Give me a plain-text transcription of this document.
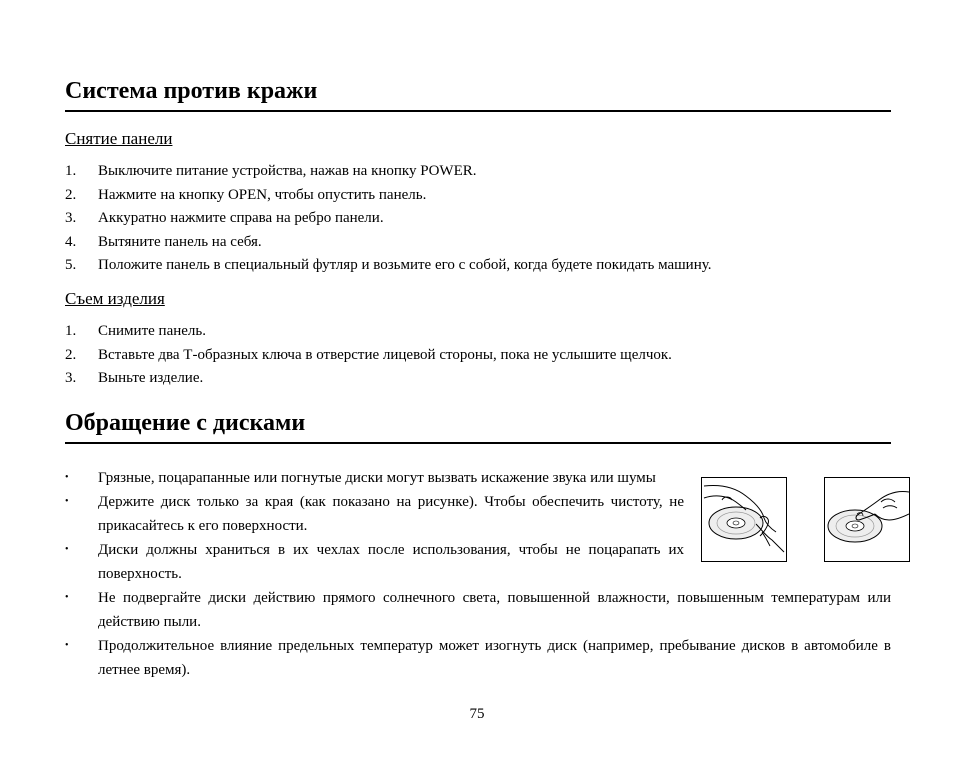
Система против кражи
Снятие панели
1. Выключите питание устройства, нажав на кнопку POWER.
2. Нажмите на кнопку OPEN, чтобы опустить панель.
3. Аккуратно нажмите справа на ребро панели.
4. Вытяните панель на себя.
5. Положите панель в специальный футляр и возьмите его с собой, когда будете покидать машину.
Съем изделия
1. Снимите панель.
2. Вставьте два Т-образных ключа в отверстие лицевой стороны, пока не услышите щелчок.
3. Выньте изделие.
Обращение с дисками
• Грязные, поцарапанные или погнутые диски могут вызвать искажение звука или шумы
• Держите диск только за края (как показано на рисунке). Чтобы обеспечить чистоту, не прикасайтесь к его поверхности.
• Диски должны храниться в их чехлах после использования, чтобы не поцарапать их поверхность.
• Не подвергайте диски действию прямого солнечного света, повышенной влажности, повышенным температурам или действию пыли.
• Продолжительное влияние предельных температур может изогнуть диск (например, пребывание дисков в автомобиле в летнее время).
75
